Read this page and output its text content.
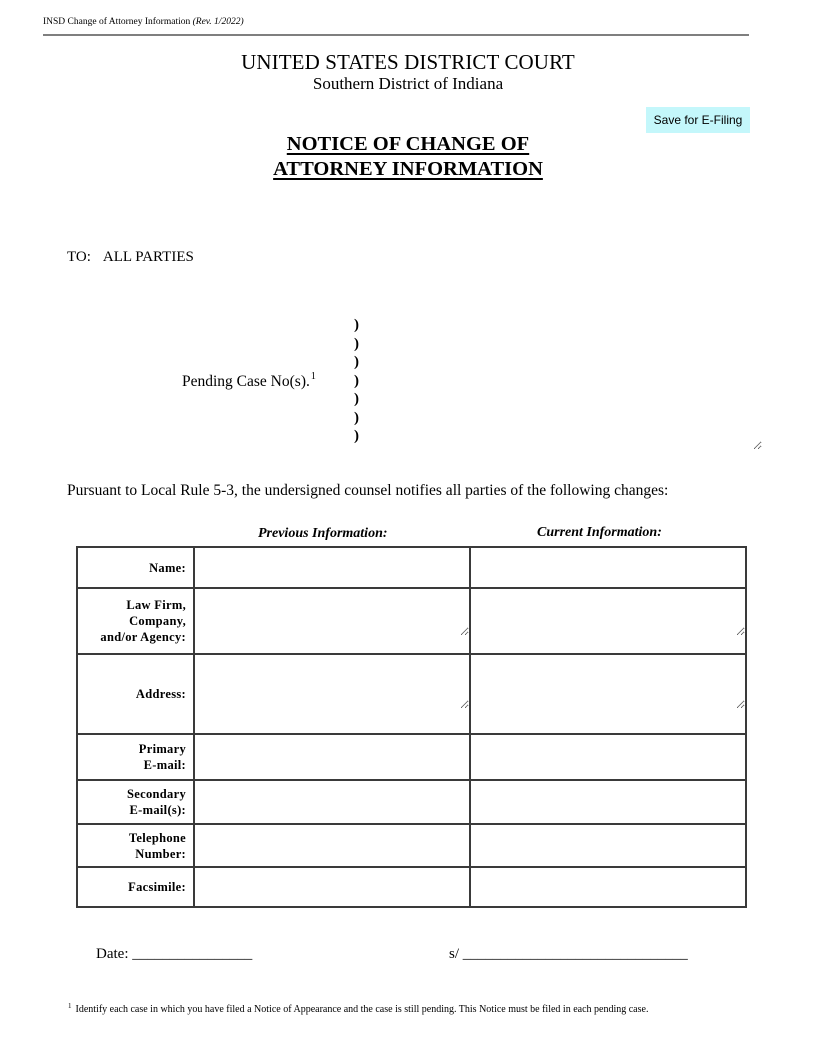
INSD Change of Attorney Information (Rev. 1/2022)
UNITED STATES DISTRICT COURT
Southern District of Indiana
Save for E-Filing
NOTICE OF CHANGE OF
ATTORNEY INFORMATION
TO: ALL PARTIES
Pending Case No(s).$^1$
)
)
)
)
)
)
)
Pursuant to Local Rule 5-3, the undersigned counsel notifies all parties of the following changes:
Previous Information:	Current Information:
Name:		
Law Firm,
Company,
and/or Agency:		
Address:		
Primary
E-mail:		
Secondary
E-mail(s):		
Telephone
Number:		
Facsimile:		
Date: ________________	s/ ______________________________
$^1$ Identify each case in which you have filed a Notice of Appearance and the case is still pending. This Notice must be filed in each pending case.
